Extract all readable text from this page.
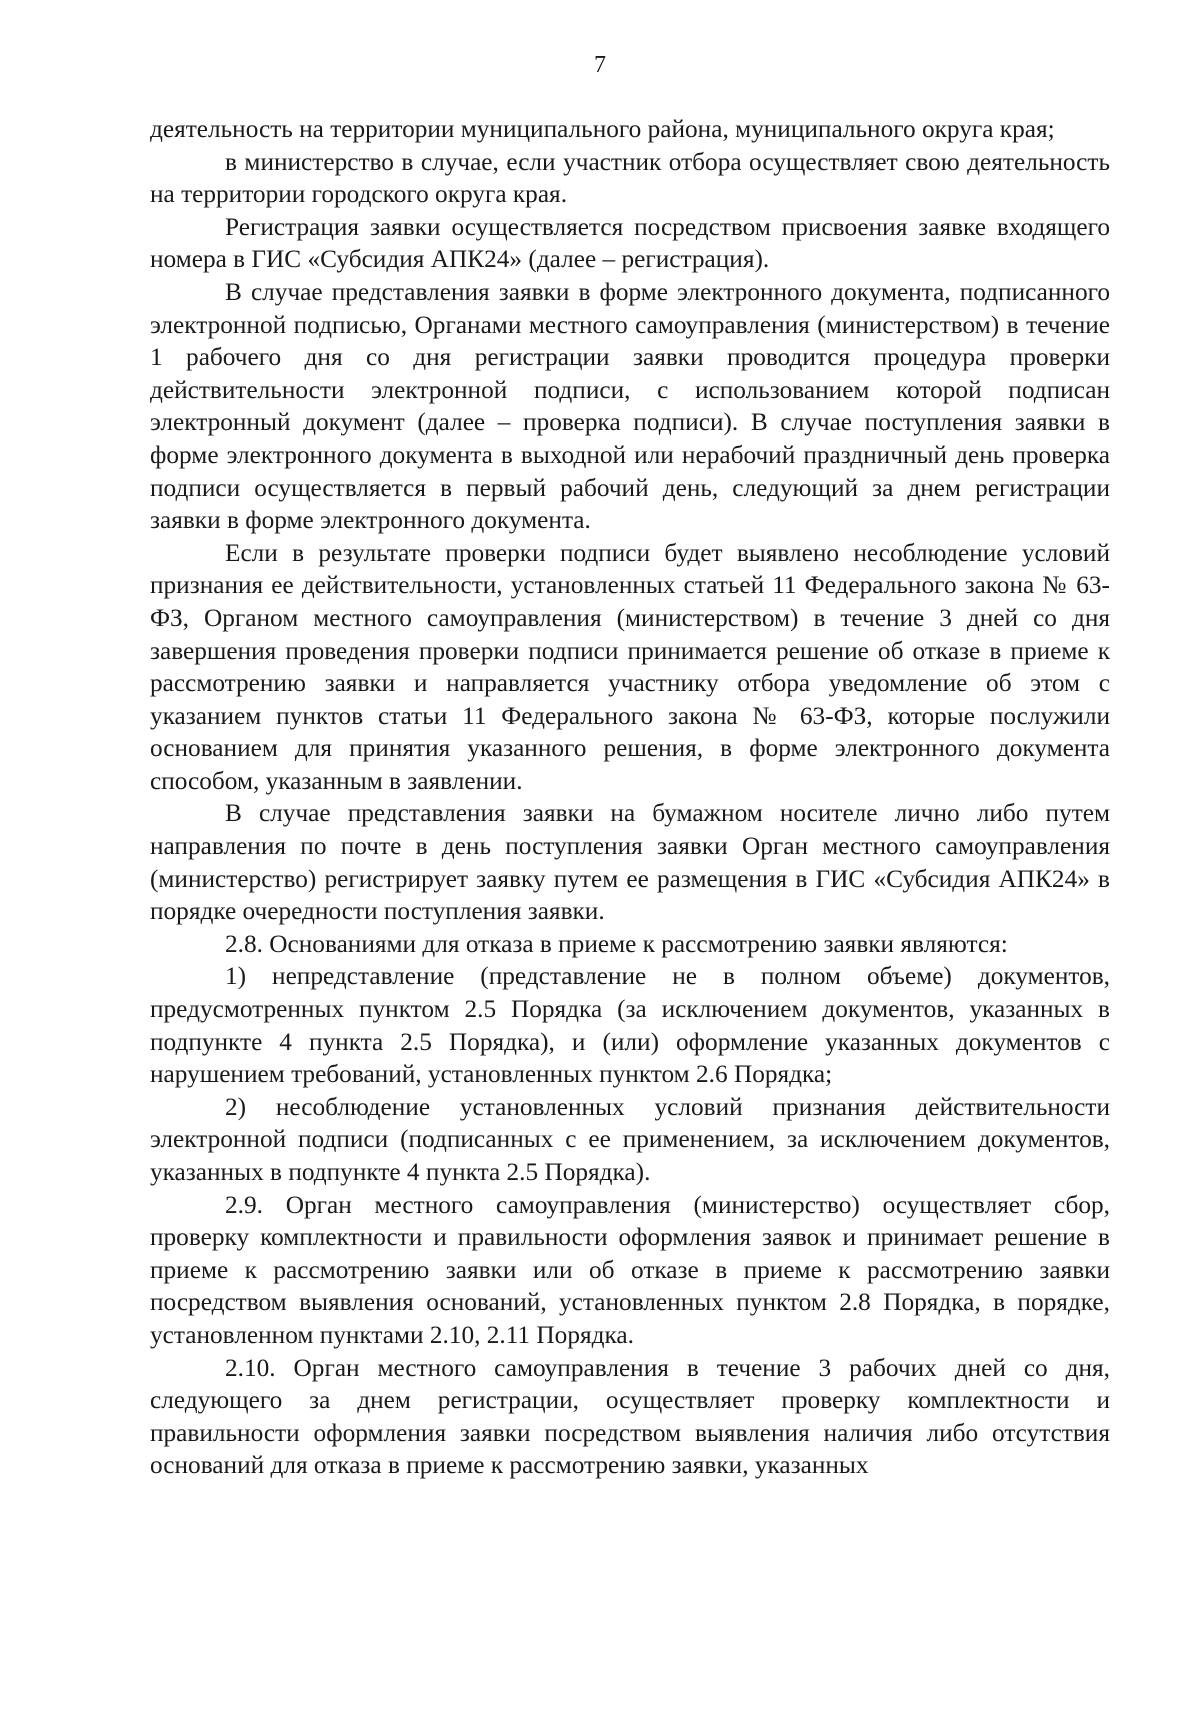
7

деятельность на территории муниципального района, муниципального округа края;

в министерство в случае, если участник отбора осуществляет свою деятельность на территории городского округа края.

Регистрация заявки осуществляется посредством присвоения заявке входящего номера в ГИС «Субсидия АПК24» (далее – регистрация).

В случае представления заявки в форме электронного документа, подписанного электронной подписью, Органами местного самоуправления (министерством) в течение 1 рабочего дня со дня регистрации заявки проводится процедура проверки действительности электронной подписи, с использованием которой подписан электронный документ (далее – проверка подписи). В случае поступления заявки в форме электронного документа в выходной или нерабочий праздничный день проверка подписи осуществляется в первый рабочий день, следующий за днем регистрации заявки в форме электронного документа.

Если в результате проверки подписи будет выявлено несоблюдение условий признания ее действительности, установленных статьей 11 Федерального закона № 63-ФЗ, Органом местного самоуправления (министерством) в течение 3 дней со дня завершения проведения проверки подписи принимается решение об отказе в приеме к рассмотрению заявки и направляется участнику отбора уведомление об этом с указанием пунктов статьи 11 Федерального закона № 63-ФЗ, которые послужили основанием для принятия указанного решения, в форме электронного документа способом, указанным в заявлении.

В случае представления заявки на бумажном носителе лично либо путем направления по почте в день поступления заявки Орган местного самоуправления (министерство) регистрирует заявку путем ее размещения в ГИС «Субсидия АПК24» в порядке очередности поступления заявки.

2.8. Основаниями для отказа в приеме к рассмотрению заявки являются:

1) непредставление (представление не в полном объеме) документов, предусмотренных пунктом 2.5 Порядка (за исключением документов, указанных в подпункте 4 пункта 2.5 Порядка), и (или) оформление указанных документов с нарушением требований, установленных пунктом 2.6 Порядка;

2) несоблюдение установленных условий признания действительности электронной подписи (подписанных с ее применением, за исключением документов, указанных в подпункте 4 пункта 2.5 Порядка).

2.9. Орган местного самоуправления (министерство) осуществляет сбор, проверку комплектности и правильности оформления заявок и принимает решение в приеме к рассмотрению заявки или об отказе в приеме к рассмотрению заявки посредством выявления оснований, установленных пунктом 2.8 Порядка, в порядке, установленном пунктами 2.10, 2.11 Порядка.

2.10. Орган местного самоуправления в течение 3 рабочих дней со дня, следующего за днем регистрации, осуществляет проверку комплектности и правильности оформления заявки посредством выявления наличия либо отсутствия оснований для отказа в приеме к рассмотрению заявки, указанных
